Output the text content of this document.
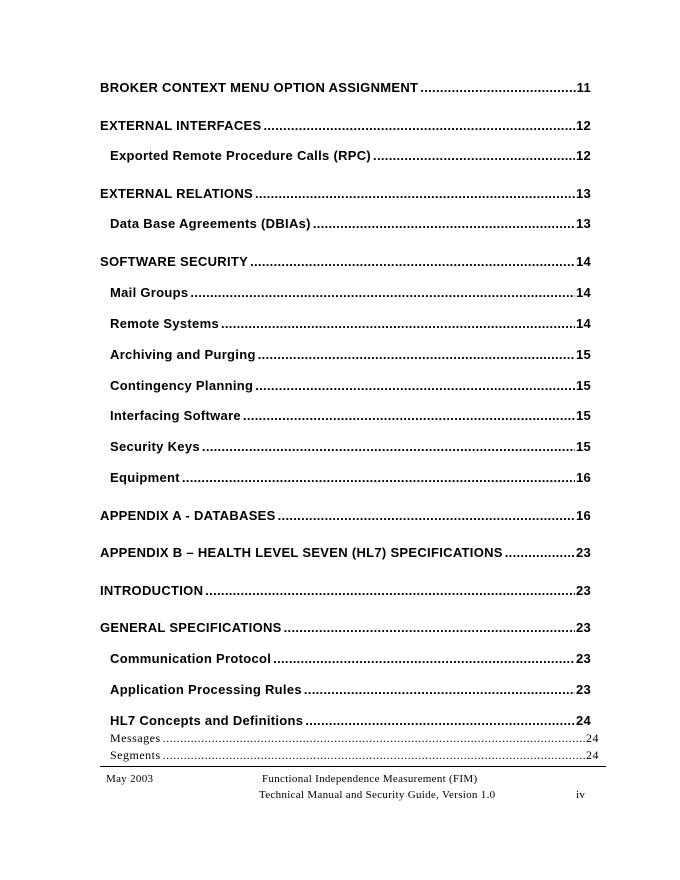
BROKER CONTEXT MENU OPTION ASSIGNMENT .....	11
EXTERNAL INTERFACES .....	12
Exported Remote Procedure Calls (RPC) .....	12
EXTERNAL RELATIONS .....	13
Data Base Agreements (DBIAs) .....	13
SOFTWARE SECURITY .....	14
Mail Groups .....	14
Remote Systems .....	14
Archiving and Purging .....	15
Contingency Planning .....	15
Interfacing Software .....	15
Security Keys .....	15
Equipment .....	16
APPENDIX A - DATABASES .....	16
APPENDIX B – HEALTH LEVEL SEVEN (HL7) SPECIFICATIONS .....	23
INTRODUCTION .....	23
GENERAL SPECIFICATIONS .....	23
Communication Protocol .....	23
Application Processing Rules .....	23
HL7 Concepts and Definitions .....	24
Messages .....	24
Segments .....	24
May 2003	Functional Independence Measurement (FIM)
Technical Manual and Security Guide, Version 1.0	iv
